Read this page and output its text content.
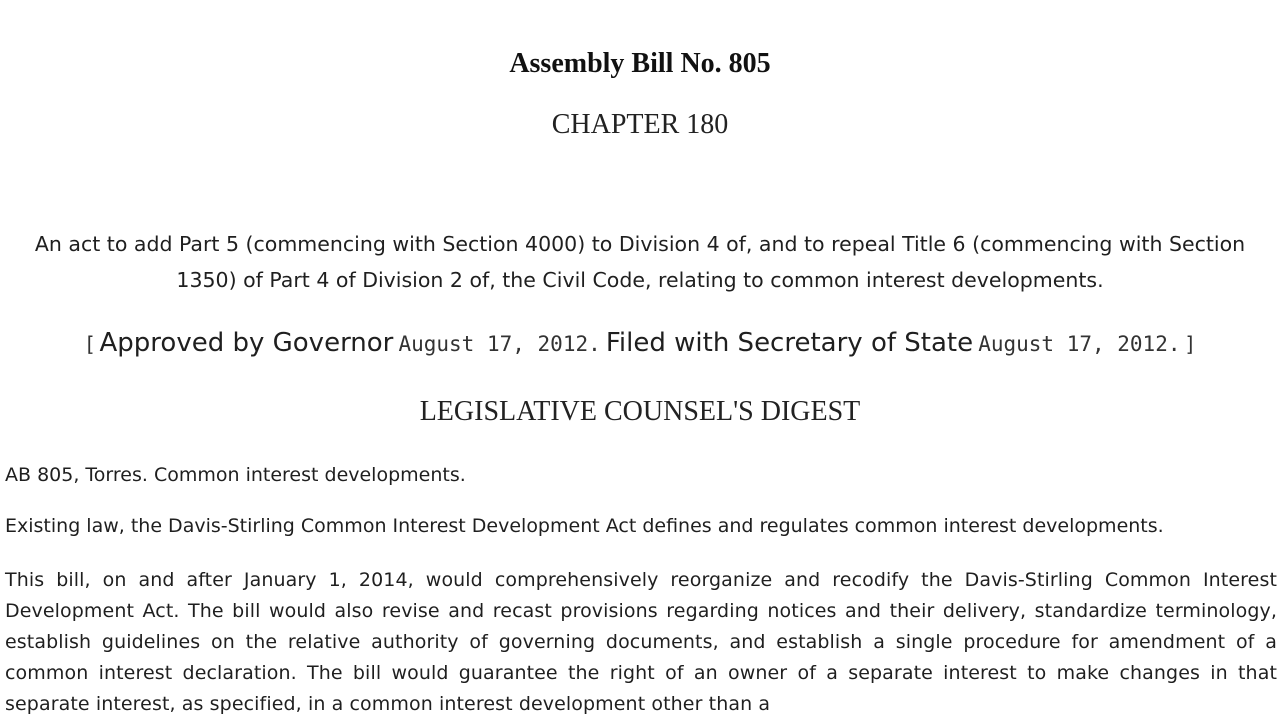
Assembly Bill No. 805
CHAPTER 180
An act to add Part 5 (commencing with Section 4000) to Division 4 of, and to repeal Title 6 (commencing with Section 1350) of Part 4 of Division 2 of, the Civil Code, relating to common interest developments.
[ Approved by Governor August 17, 2012. Filed with Secretary of State August 17, 2012. ]
LEGISLATIVE COUNSEL'S DIGEST
AB 805, Torres. Common interest developments.
Existing law, the Davis-Stirling Common Interest Development Act defines and regulates common interest developments.
This bill, on and after January 1, 2014, would comprehensively reorganize and recodify the Davis-Stirling Common Interest Development Act. The bill would also revise and recast provisions regarding notices and their delivery, standardize terminology, establish guidelines on the relative authority of governing documents, and establish a single procedure for amendment of a common interest declaration. The bill would guarantee the right of an owner of a separate interest to make changes in that separate interest, as specified, in a common interest development other than a
